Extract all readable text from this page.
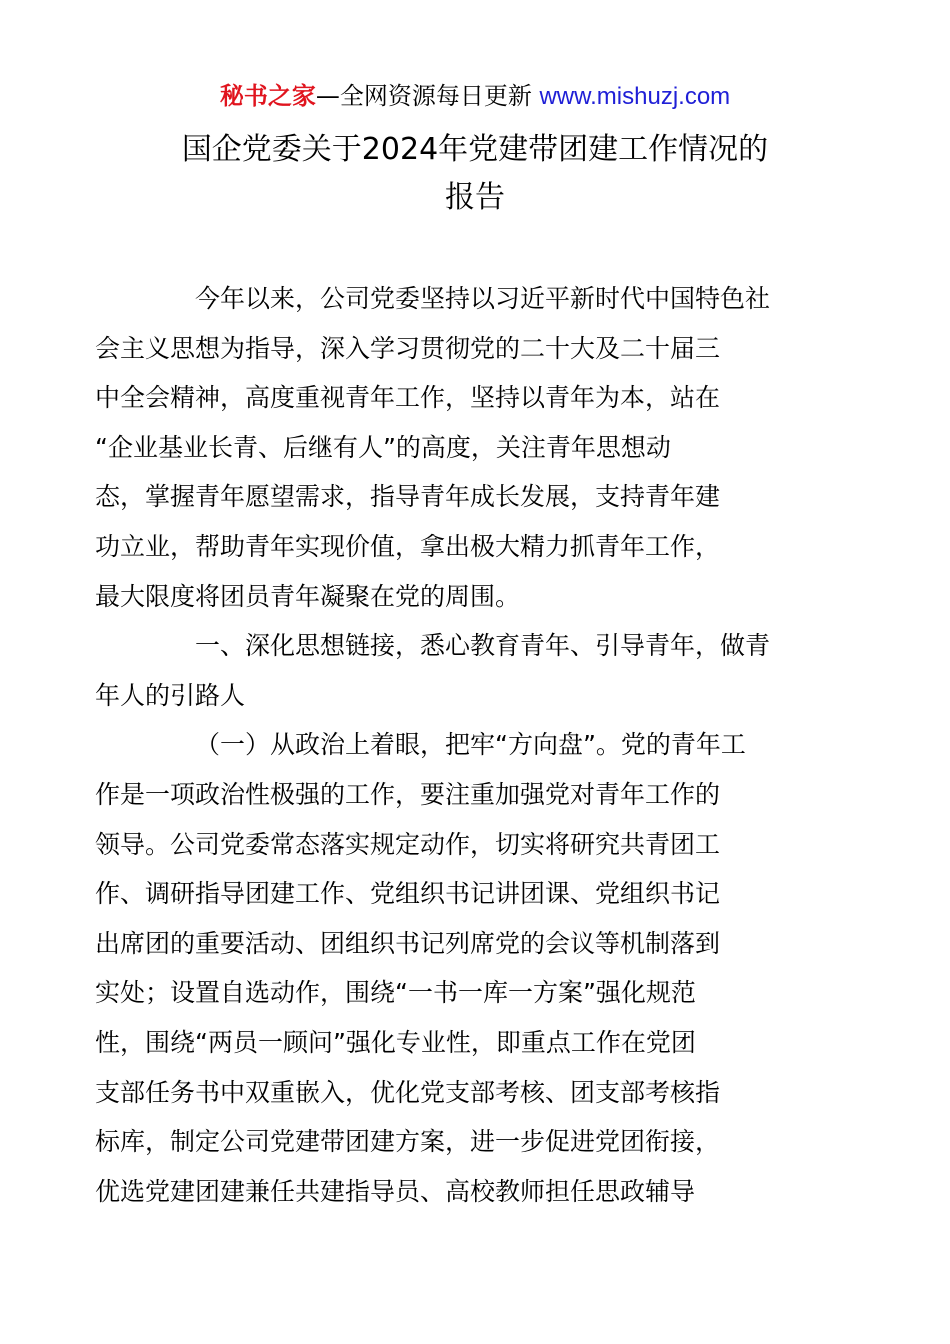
秘书之家—全网资源每日更新 www.mishuzj.com
国企党委关于2024年党建带团建工作情况的
报告

今年以来，公司党委坚持以习近平新时代中国特色社
会主义思想为指导，深入学习贯彻党的二十大及二十届三
中全会精神，高度重视青年工作，坚持以青年为本，站在
“企业基业长青、后继有人”的高度，关注青年思想动
态，掌握青年愿望需求，指导青年成长发展，支持青年建
功立业，帮助青年实现价值，拿出极大精力抓青年工作，
最大限度将团员青年凝聚在党的周围。

一、深化思想链接，悉心教育青年、引导青年，做青
年人的引路人

（一）从政治上着眼，把牢“方向盘”。党的青年工
作是一项政治性极强的工作，要注重加强党对青年工作的
领导。公司党委常态落实规定动作，切实将研究共青团工
作、调研指导团建工作、党组织书记讲团课、党组织书记
出席团的重要活动、团组织书记列席党的会议等机制落到
实处；设置自选动作，围绕“一书一库一方案”强化规范
性，围绕“两员一顾问”强化专业性，即重点工作在党团
支部任务书中双重嵌入，优化党支部考核、团支部考核指
标库，制定公司党建带团建方案，进一步促进党团衔接，
优选党建团建兼任共建指导员、高校教师担任思政辅导
